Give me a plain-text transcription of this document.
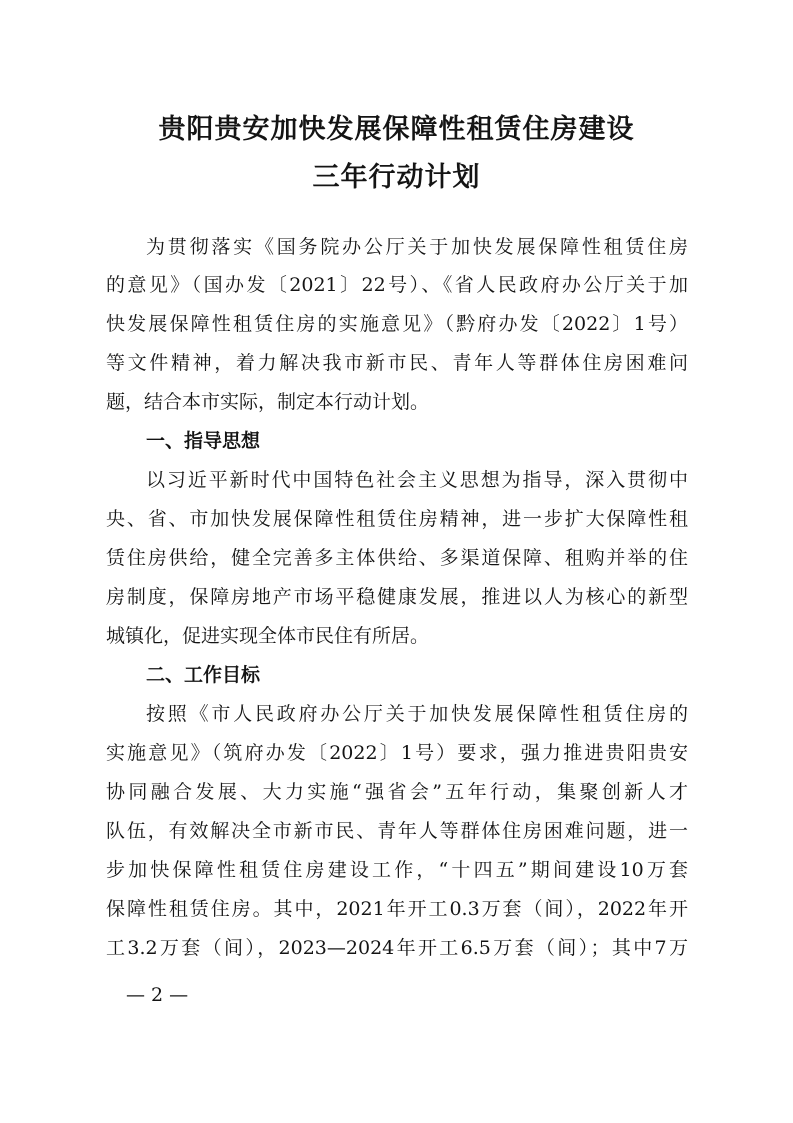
贵阳贵安加快发展保障性租赁住房建设
三年行动计划
为贯彻落实《国务院办公厅关于加快发展保障性租赁住房
的意见》（国办发〔2021〕22号）、《省人民政府办公厅关于加
快发展保障性租赁住房的实施意见》（黔府办发〔2022〕1号）
等文件精神，着力解决我市新市民、青年人等群体住房困难问
题，结合本市实际，制定本行动计划。
一、指导思想
以习近平新时代中国特色社会主义思想为指导，深入贯彻中
央、省、市加快发展保障性租赁住房精神，进一步扩大保障性租
赁住房供给，健全完善多主体供给、多渠道保障、租购并举的住
房制度，保障房地产市场平稳健康发展，推进以人为核心的新型
城镇化，促进实现全体市民住有所居。
二、工作目标
按照《市人民政府办公厅关于加快发展保障性租赁住房的
实施意见》（筑府办发〔2022〕1号）要求，强力推进贵阳贵安
协同融合发展、大力实施“强省会”五年行动，集聚创新人才
队伍，有效解决全市新市民、青年人等群体住房困难问题，进一
步加快保障性租赁住房建设工作，“十四五”期间建设10万套
保障性租赁住房。其中，2021年开工0.3万套（间），2022年开
工3.2万套（间），2023—2024年开工6.5万套（间）；其中7万
— 2 —
